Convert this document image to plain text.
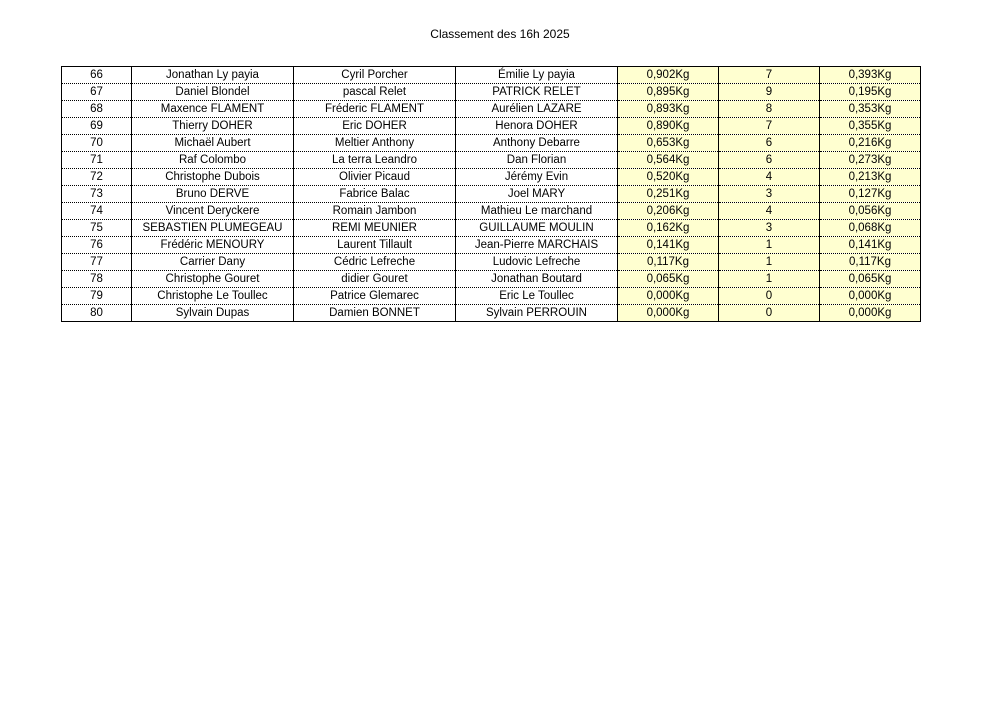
Classement des 16h 2025
66	Jonathan Ly payia	Cyril Porcher	Émilie Ly payia	0,902Kg	7	0,393Kg
67	Daniel Blondel	pascal Relet	PATRICK RELET	0,895Kg	9	0,195Kg
68	Maxence FLAMENT	Fréderic FLAMENT	Aurélien LAZARE	0,893Kg	8	0,353Kg
69	Thierry DOHER	Eric DOHER	Henora DOHER	0,890Kg	7	0,355Kg
70	Michaël Aubert	Meltier Anthony	Anthony Debarre	0,653Kg	6	0,216Kg
71	Raf Colombo	La terra Leandro	Dan Florian	0,564Kg	6	0,273Kg
72	Christophe Dubois	Olivier Picaud	Jérémy Evin	0,520Kg	4	0,213Kg
73	Bruno DERVE	Fabrice Balac	Joel MARY	0,251Kg	3	0,127Kg
74	Vincent Deryckere	Romain Jambon	Mathieu Le marchand	0,206Kg	4	0,056Kg
75	SEBASTIEN PLUMEGEAU	REMI MEUNIER	GUILLAUME MOULIN	0,162Kg	3	0,068Kg
76	Frédéric MENOURY	Laurent Tillault	Jean-Pierre MARCHAIS	0,141Kg	1	0,141Kg
77	Carrier Dany	Cédric Lefreche	Ludovic Lefreche	0,117Kg	1	0,117Kg
78	Christophe Gouret	didier Gouret	Jonathan Boutard	0,065Kg	1	0,065Kg
79	Christophe Le Toullec	Patrice Glemarec	Eric Le Toullec	0,000Kg	0	0,000Kg
80	Sylvain Dupas	Damien BONNET	Sylvain PERROUIN	0,000Kg	0	0,000Kg
